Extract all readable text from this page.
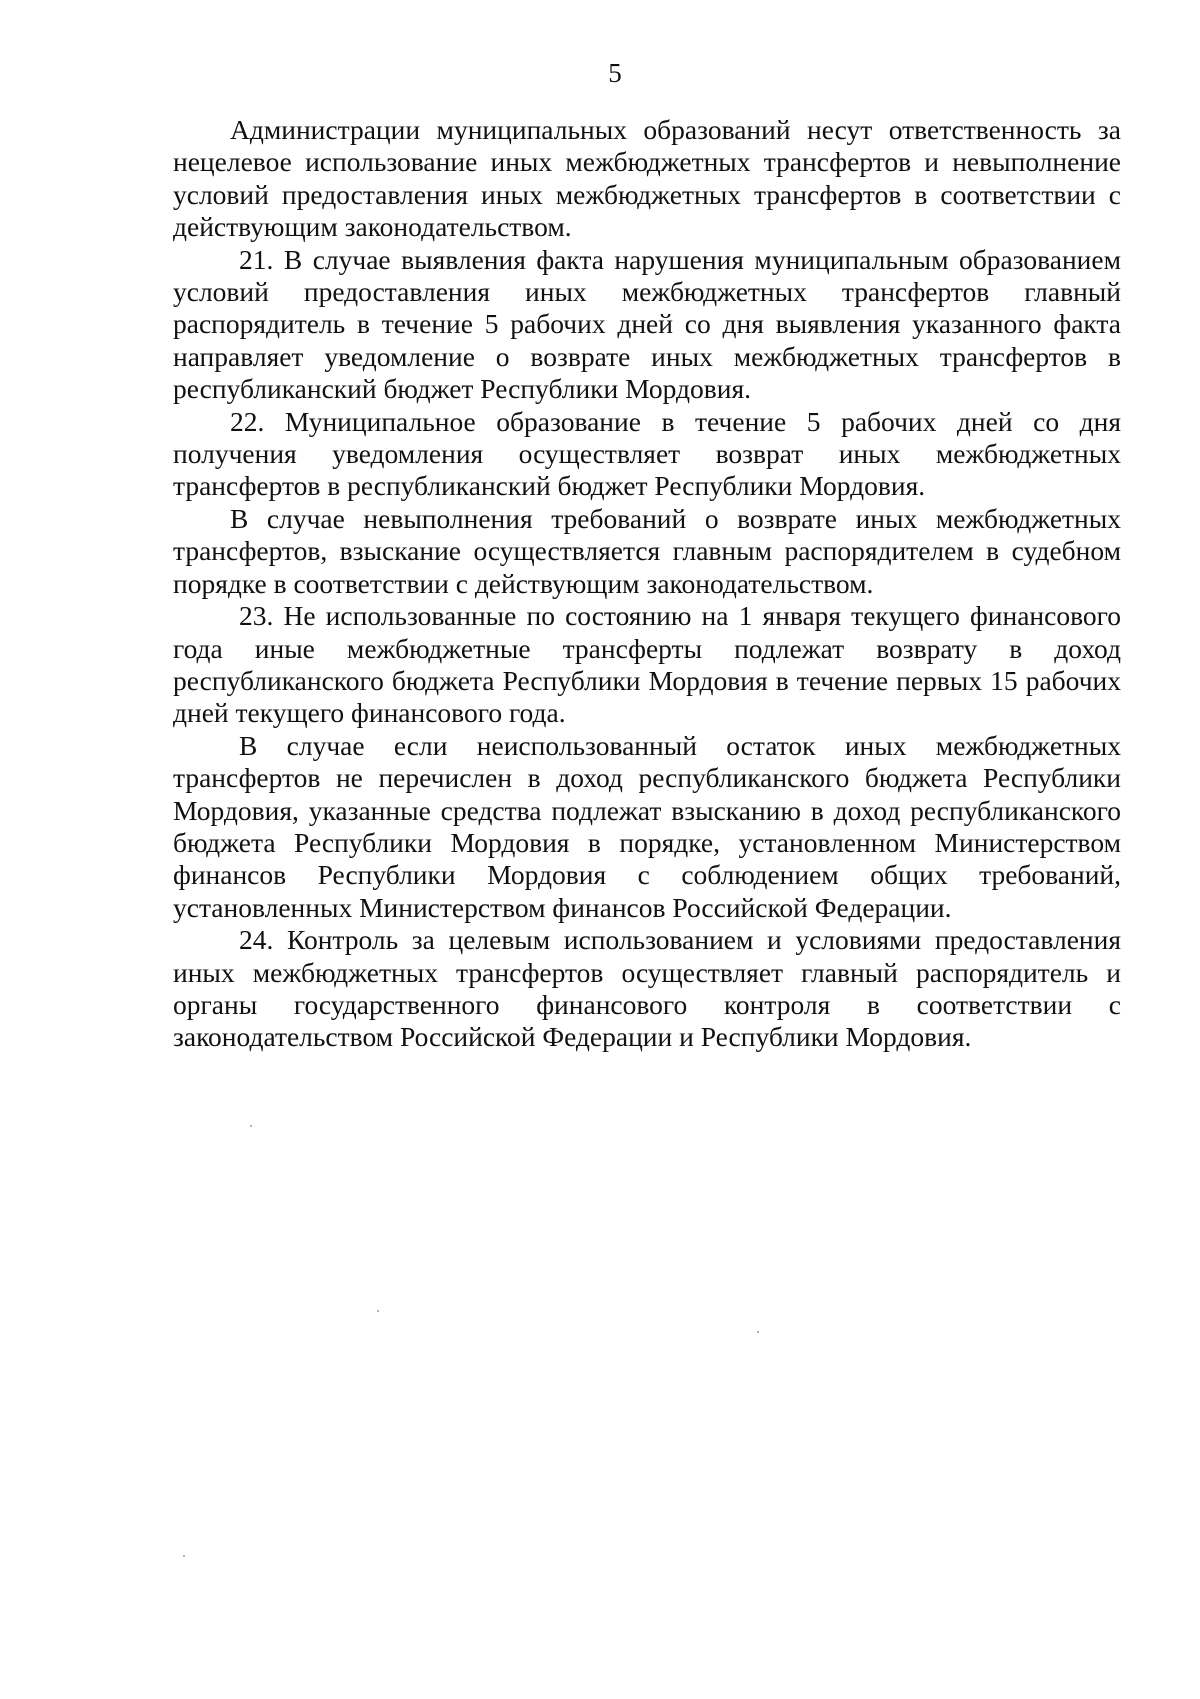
5

Администрации муниципальных образований несут ответственность за нецелевое использование иных межбюджетных трансфертов и невыполнение условий предоставления иных межбюджетных трансфертов в соответствии с действующим законодательством.

21. В случае выявления факта нарушения муниципальным образованием условий предоставления иных межбюджетных трансфертов главный распорядитель в течение 5 рабочих дней со дня выявления указанного факта направляет уведомление о возврате иных межбюджетных трансфертов в республиканский бюджет Республики Мордовия.

22. Муниципальное образование в течение 5 рабочих дней со дня получения уведомления осуществляет возврат иных межбюджетных трансфертов в республиканский бюджет Республики Мордовия.

В случае невыполнения требований о возврате иных межбюджетных трансфертов, взыскание осуществляется главным распорядителем в судебном порядке в соответствии с действующим законодательством.

23. Не использованные по состоянию на 1 января текущего финансового года иные межбюджетные трансферты подлежат возврату в доход республиканского бюджета Республики Мордовия в течение первых 15 рабочих дней текущего финансового года.

В случае если неиспользованный остаток иных межбюджетных трансфертов не перечислен в доход республиканского бюджета Республики Мордовия, указанные средства подлежат взысканию в доход республиканского бюджета Республики Мордовия в порядке, установленном Министерством финансов Республики Мордовия с соблюдением общих требований, установленных Министерством финансов Российской Федерации.

24. Контроль за целевым использованием и условиями предоставления иных межбюджетных трансфертов осуществляет главный распорядитель и органы государственного финансового контроля в соответствии с законодательством Российской Федерации и Республики Мордовия.
